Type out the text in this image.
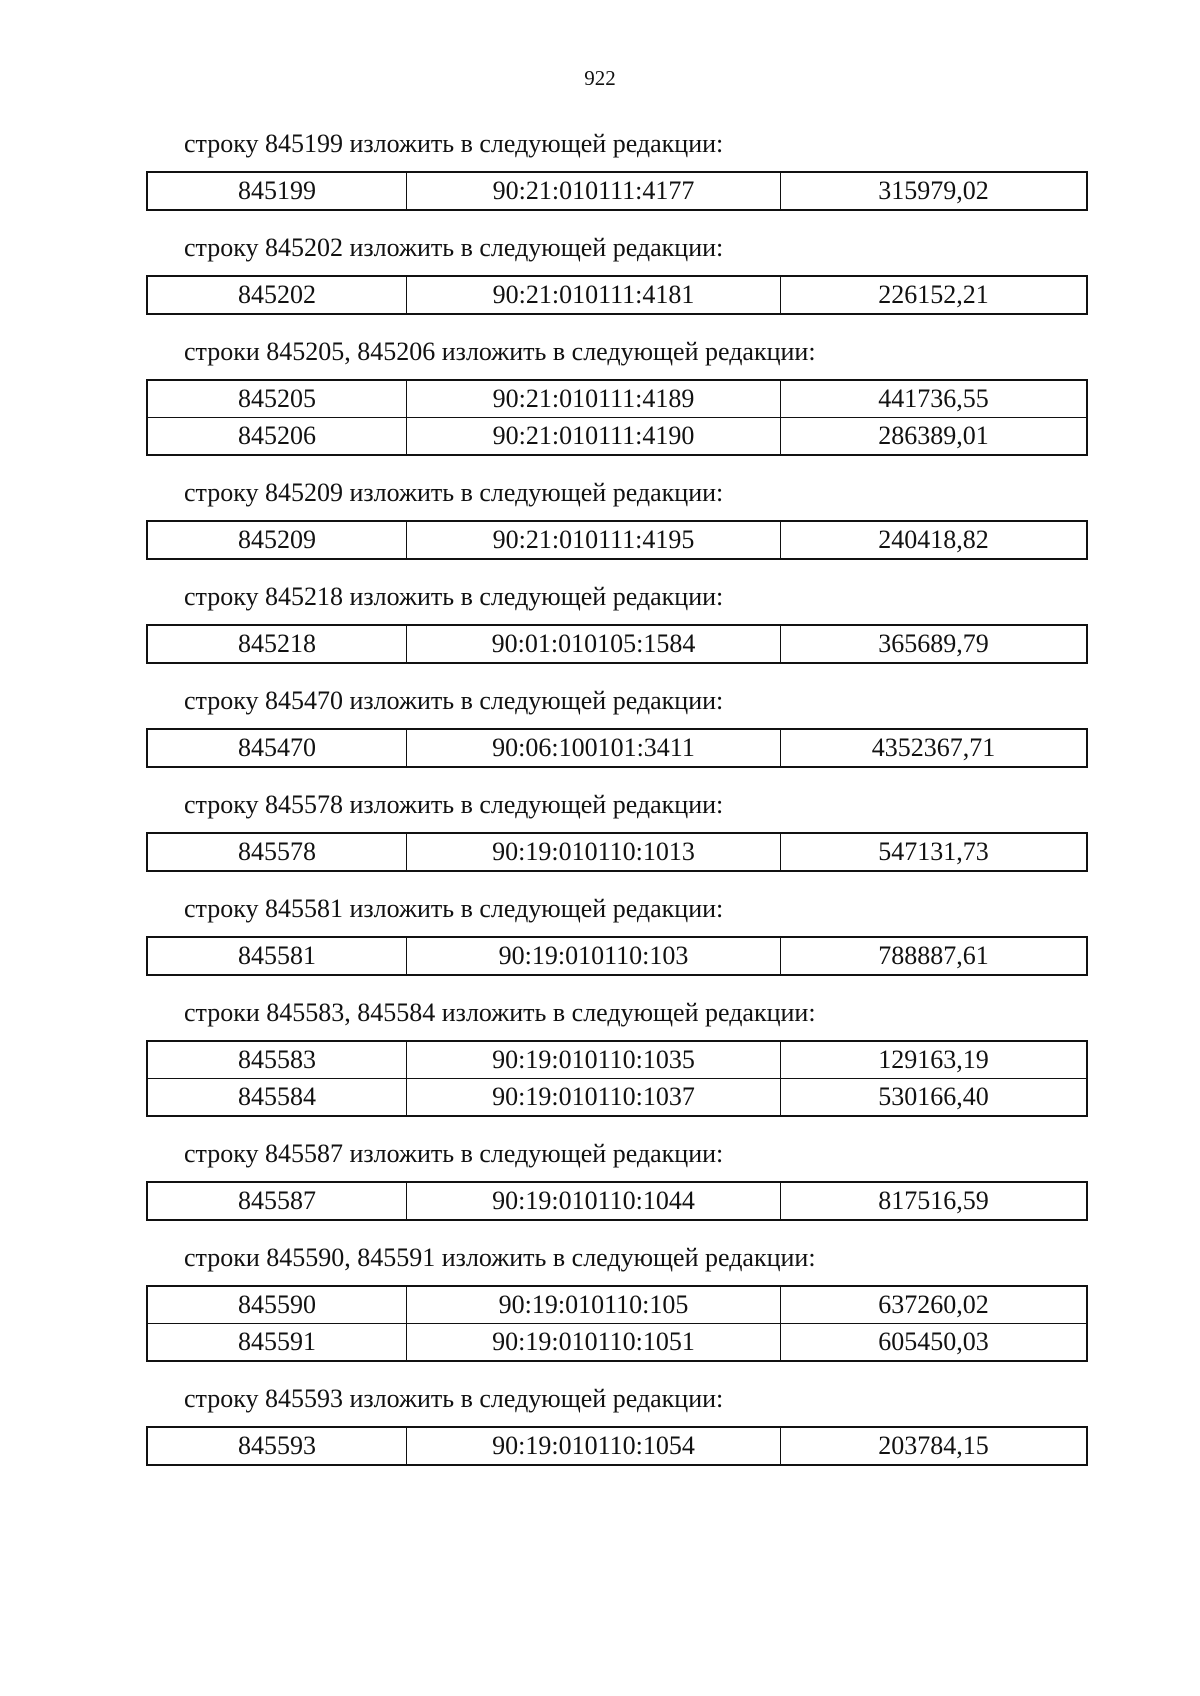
922
строку 845199 изложить в следующей редакции:
845199	90:21:010111:4177	315979,02
строку 845202 изложить в следующей редакции:
845202	90:21:010111:4181	226152,21
строки 845205, 845206 изложить в следующей редакции:
845205	90:21:010111:4189	441736,55
845206	90:21:010111:4190	286389,01
строку 845209 изложить в следующей редакции:
845209	90:21:010111:4195	240418,82
строку 845218 изложить в следующей редакции:
845218	90:01:010105:1584	365689,79
строку 845470 изложить в следующей редакции:
845470	90:06:100101:3411	4352367,71
строку 845578 изложить в следующей редакции:
845578	90:19:010110:1013	547131,73
строку 845581 изложить в следующей редакции:
845581	90:19:010110:103	788887,61
строки 845583, 845584 изложить в следующей редакции:
845583	90:19:010110:1035	129163,19
845584	90:19:010110:1037	530166,40
строку 845587 изложить в следующей редакции:
845587	90:19:010110:1044	817516,59
строки 845590, 845591 изложить в следующей редакции:
845590	90:19:010110:105	637260,02
845591	90:19:010110:1051	605450,03
строку 845593 изложить в следующей редакции:
845593	90:19:010110:1054	203784,15
